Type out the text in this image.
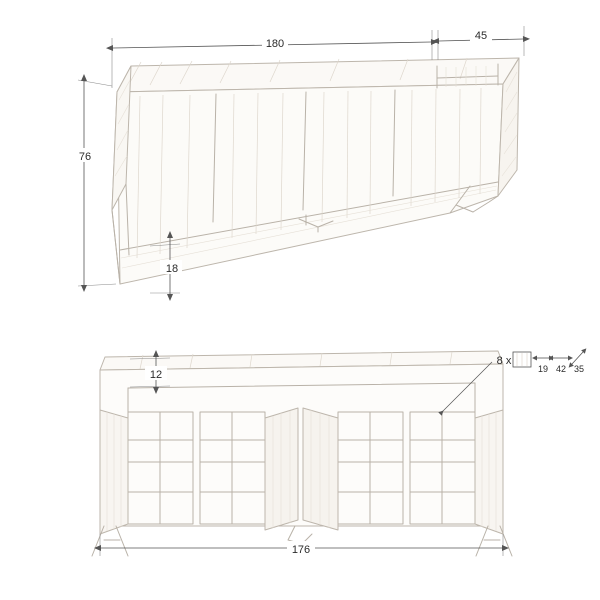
180
45
76
18
12
176
8 x
19 42 35
